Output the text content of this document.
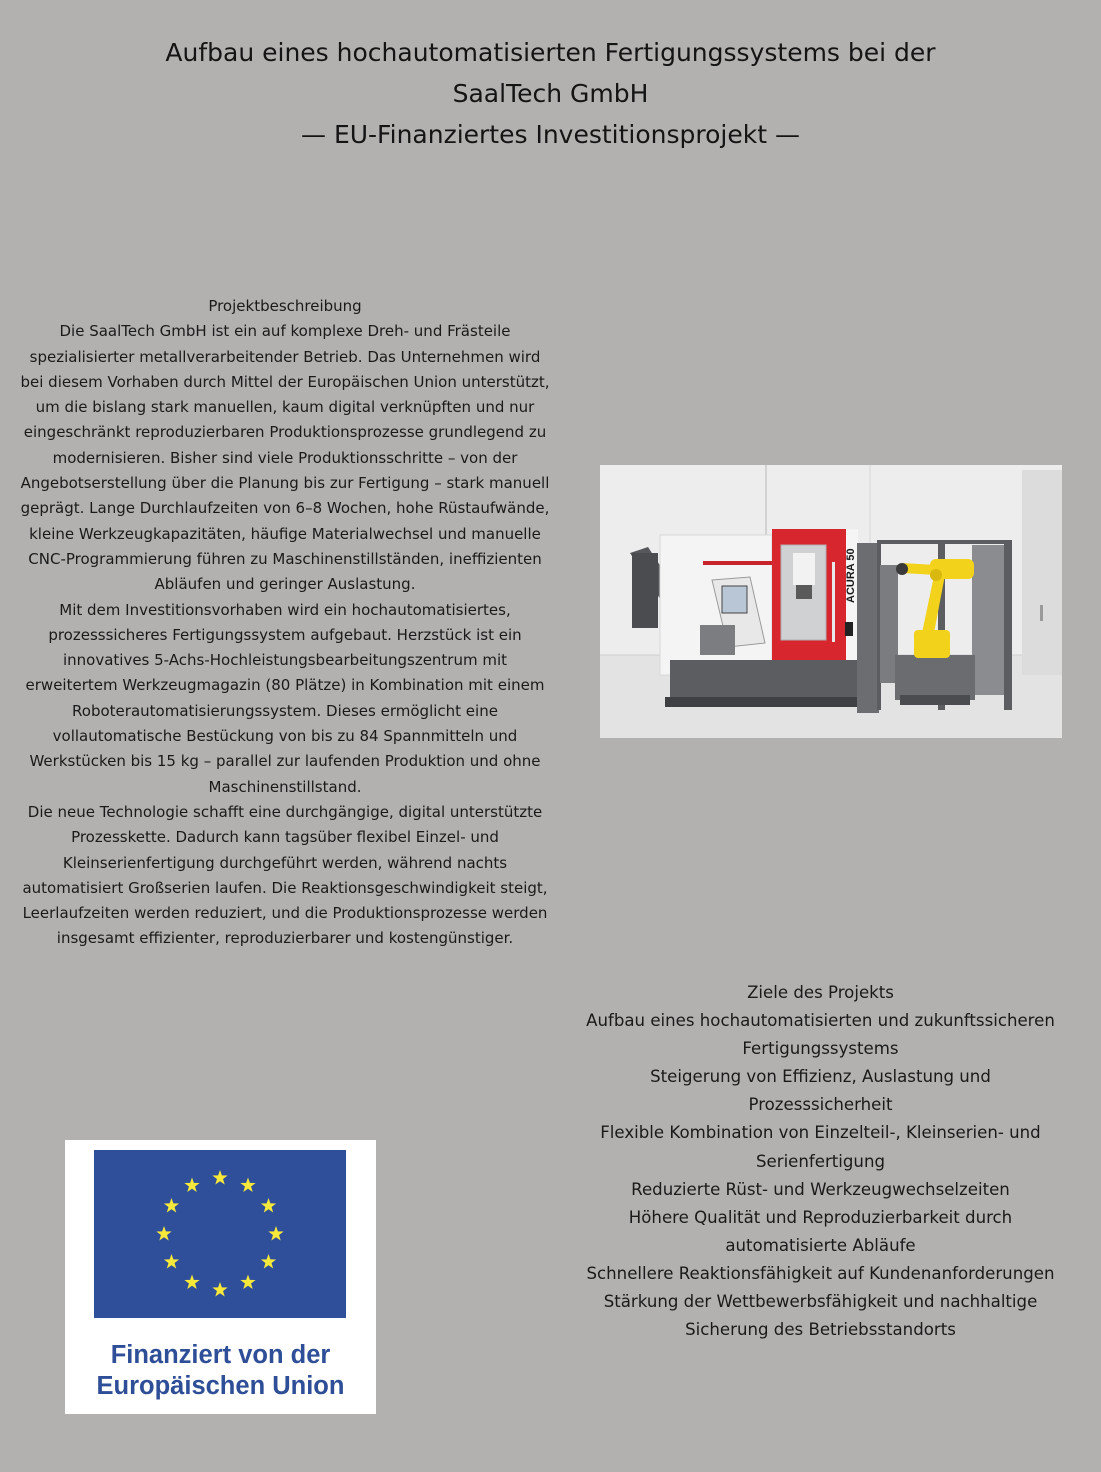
Aufbau eines hochautomatisierten Fertigungssystems bei der
SaalTech GmbH
— EU-Finanziertes Investitionsprojekt —

Projektbeschreibung

Die SaalTech GmbH ist ein auf komplexe Dreh- und Frästeile spezialisierter metallverarbeitender Betrieb. Das Unternehmen wird bei diesem Vorhaben durch Mittel der Europäischen Union unterstützt, um die bislang stark manuellen, kaum digital verknüpften und nur eingeschränkt reproduzierbaren Produktionsprozesse grundlegend zu modernisieren. Bisher sind viele Produktionsschritte – von der Angebotserstellung über die Planung bis zur Fertigung – stark manuell geprägt. Lange Durchlaufzeiten von 6–8 Wochen, hohe Rüstaufwände, kleine Werkzeugkapazitäten, häufige Materialwechsel und manuelle CNC-Programmierung führen zu Maschinenstillständen, ineffizienten Abläufen und geringer Auslastung.

Mit dem Investitionsvorhaben wird ein hochautomatisiertes, prozesssicheres Fertigungssystem aufgebaut. Herzstück ist ein innovatives 5-Achs-Hochleistungsbearbeitungszentrum mit erweitertem Werkzeugmagazin (80 Plätze) in Kombination mit einem Roboterautomatisierungssystem. Dieses ermöglicht eine vollautomatische Bestückung von bis zu 84 Spannmitteln und Werkstücken bis 15 kg – parallel zur laufenden Produktion und ohne Maschinenstillstand.

Die neue Technologie schafft eine durchgängige, digital unterstützte Prozesskette. Dadurch kann tagsüber flexibel Einzel- und Kleinserienfertigung durchgeführt werden, während nachts automatisiert Großserien laufen. Die Reaktionsgeschwindigkeit steigt, Leerlaufzeiten werden reduziert, und die Produktionsprozesse werden insgesamt effizienter, reproduzierbarer und kostengünstiger.

ACURA 50
Ziele des Projekts
Aufbau eines hochautomatisierten und zukunftssicheren Fertigungssystems
Steigerung von Effizienz, Auslastung und Prozesssicherheit
Flexible Kombination von Einzelteil-, Kleinserien- und Serienfertigung
Reduzierte Rüst- und Werkzeugwechselzeiten
Höhere Qualität und Reproduzierbarkeit durch automatisierte Abläufe
Schnellere Reaktionsfähigkeit auf Kundenanforderungen
Stärkung der Wettbewerbsfähigkeit und nachhaltige Sicherung des Betriebsstandorts
Finanziert von der
Europäischen Union
